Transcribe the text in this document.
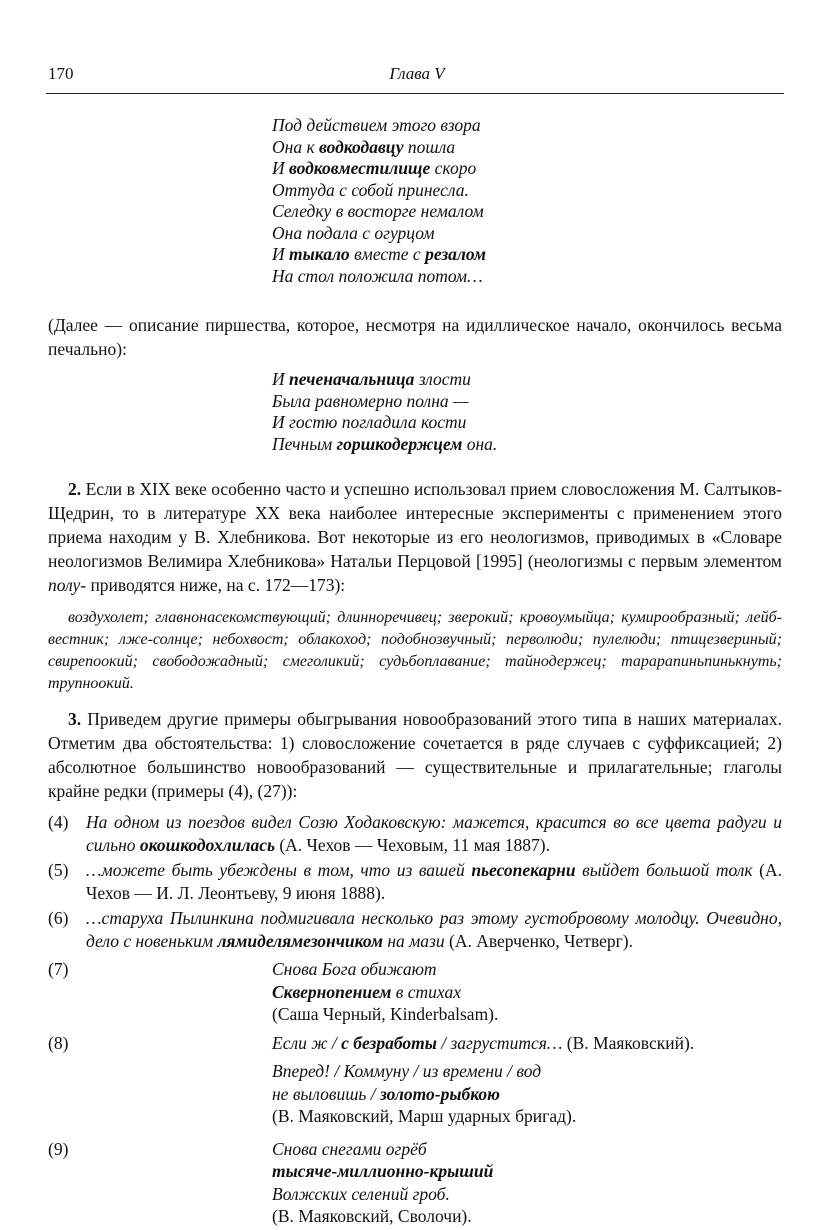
170	Глава V
Под действием этого взора
Она к водкодавцу пошла
И водковместилище скоро
Оттуда с собой принесла.
Селедку в восторге немалом
Она подала с огурцом
И тыкало вместе с резалом
На стол положила потом…
(Далее — описание пиршества, которое, несмотря на идиллическое начало, окончилось весьма печально):
И печеначальница злости
Была равномерно полна —
И гостю погладила кости
Печным горшкодержцем она.
2. Если в XIX веке особенно часто и успешно использовал прием словосложения М. Салтыков-Щедрин, то в литературе XX века наиболее интересные эксперименты с применением этого приема находим у В. Хлебникова. Вот некоторые из его неологизмов, приводимых в «Словаре неологизмов Велимира Хлебникова» Натальи Перцовой [1995] (неологизмы с первым элементом полу- приводятся ниже, на с. 172—173):
воздухолет; главнонасекомствующий; длинноречивец; зверокий; кровоумыйца; кумирообразный; лейб-вестник; лже-солнце; небохвост; облакоход; подобнозвучный; перволюди; пулелюди; птицезвериный; свирепоокий; свободожадный; смеголикий; судьбоплавание; тайнодержец; тарарапиньпинькнуть; трупноокий.
3. Приведем другие примеры обыгрывания новообразований этого типа в наших материалах. Отметим два обстоятельства: 1) словосложение сочетается в ряде случаев с суффиксацией; 2) абсолютное большинство новообразований — существительные и прилагательные; глаголы крайне редки (примеры (4), (27)):
(4)	На одном из поездов видел Созю Ходаковскую: мажется, красится во все цвета радуги и сильно окошкодохлилась (А. Чехов — Чеховым, 11 мая 1887).
(5)	…можете быть убеждены в том, что из вашей пьесопекарни выйдет большой толк (А. Чехов — И. Л. Леонтьеву, 9 июня 1888).
(6)	…старуха Пылинкина подмигивала несколько раз этому густобровому молодцу. Очевидно, дело с новеньким лямиделямезончиком на мази (А. Аверченко, Четверг).
(7)	Снова Бога обижают
Сквернопением в стихах
(Саша Черный, Kinderbalsam).
(8)	Если ж / с безработы / загрустится… (В. Маяковский).
Вперед! / Коммуну / из времени / вод
не выловишь / золото-рыбкою
(В. Маяковский, Марш ударных бригад).
(9)	Снова снегами огрёб
тысяче-миллионно-крыший
Волжских селений гроб.
(В. Маяковский, Сволочи).
